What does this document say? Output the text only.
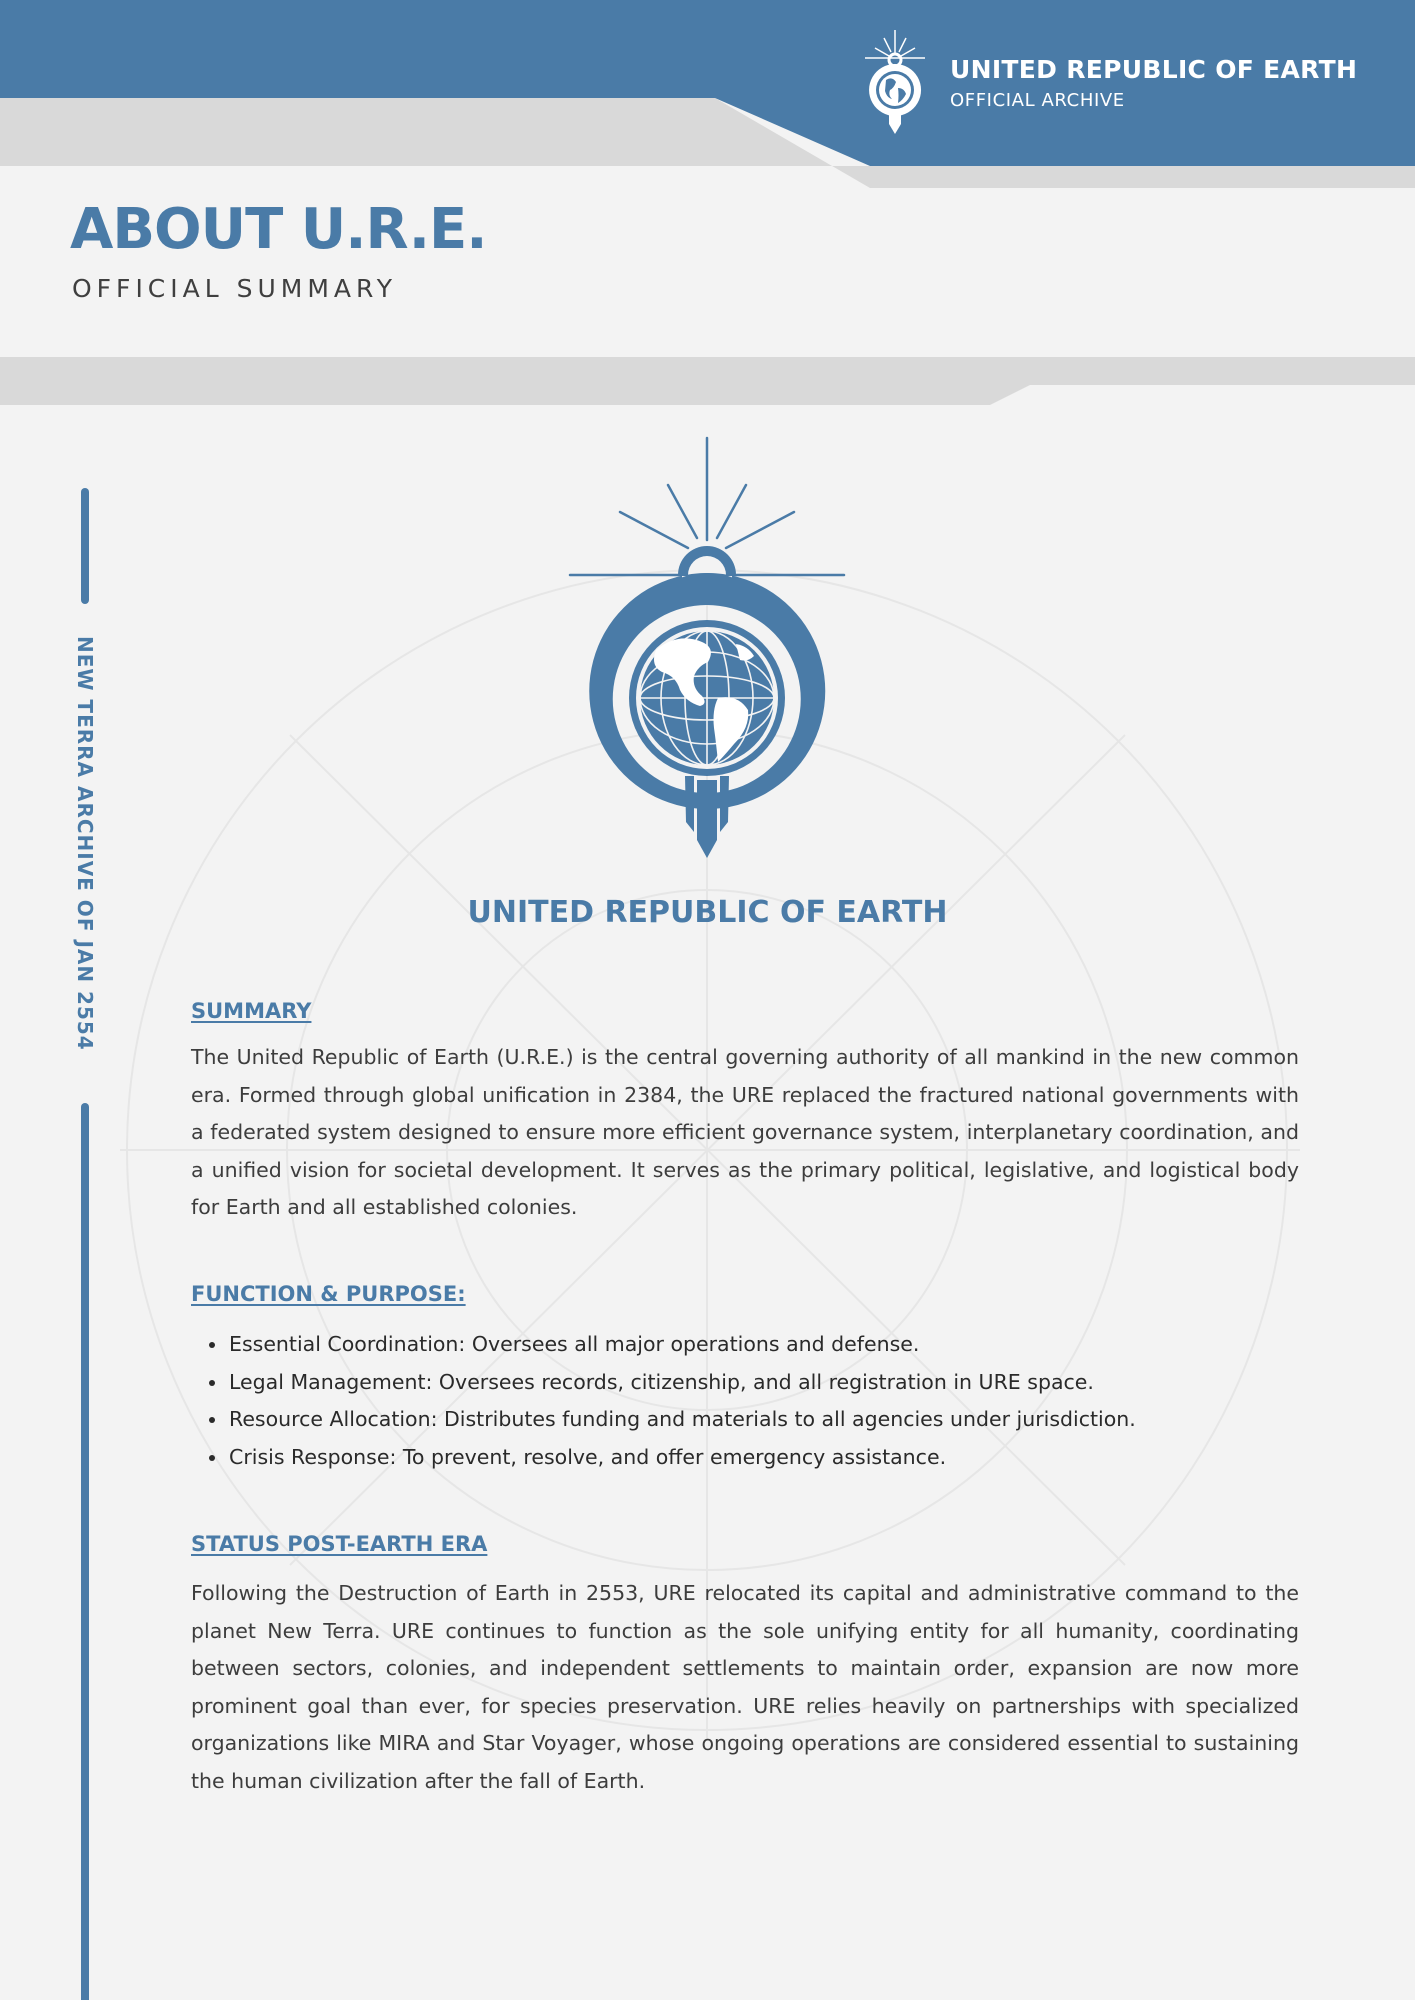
UNITED REPUBLIC OF EARTH
OFFICIAL ARCHIVE
ABOUT U.R.E.
OFFICIAL SUMMARY
NEW TERRA ARCHIVE OF JAN 2554	UNITED REPUBLIC OF EARTH
SUMMARY

The United Republic of Earth (U.R.E.) is the central governing authority of all mankind in the new common era. Formed through global unification in 2384, the URE replaced the fractured national governments with a federated system designed to ensure more efficient governance system, interplanetary coordination, and a unified vision for societal development. It serves as the primary political, legislative, and logistical body for Earth and all established colonies.

FUNCTION & PURPOSE:
Essential Coordination: Oversees all major operations and defense.
Legal Management: Oversees records, citizenship, and all registration in URE space.
Resource Allocation: Distributes funding and materials to all agencies under jurisdiction.
Crisis Response: To prevent, resolve, and offer emergency assistance.
STATUS POST-EARTH ERA

Following the Destruction of Earth in 2553, URE relocated its capital and administrative command to the planet New Terra. URE continues to function as the sole unifying entity for all humanity, coordinating between sectors, colonies, and independent settlements to maintain order, expansion are now more prominent goal than ever, for species preservation. URE relies heavily on partnerships with specialized organizations like MIRA and Star Voyager, whose ongoing operations are considered essential to sustaining the human civilization after the fall of Earth.
